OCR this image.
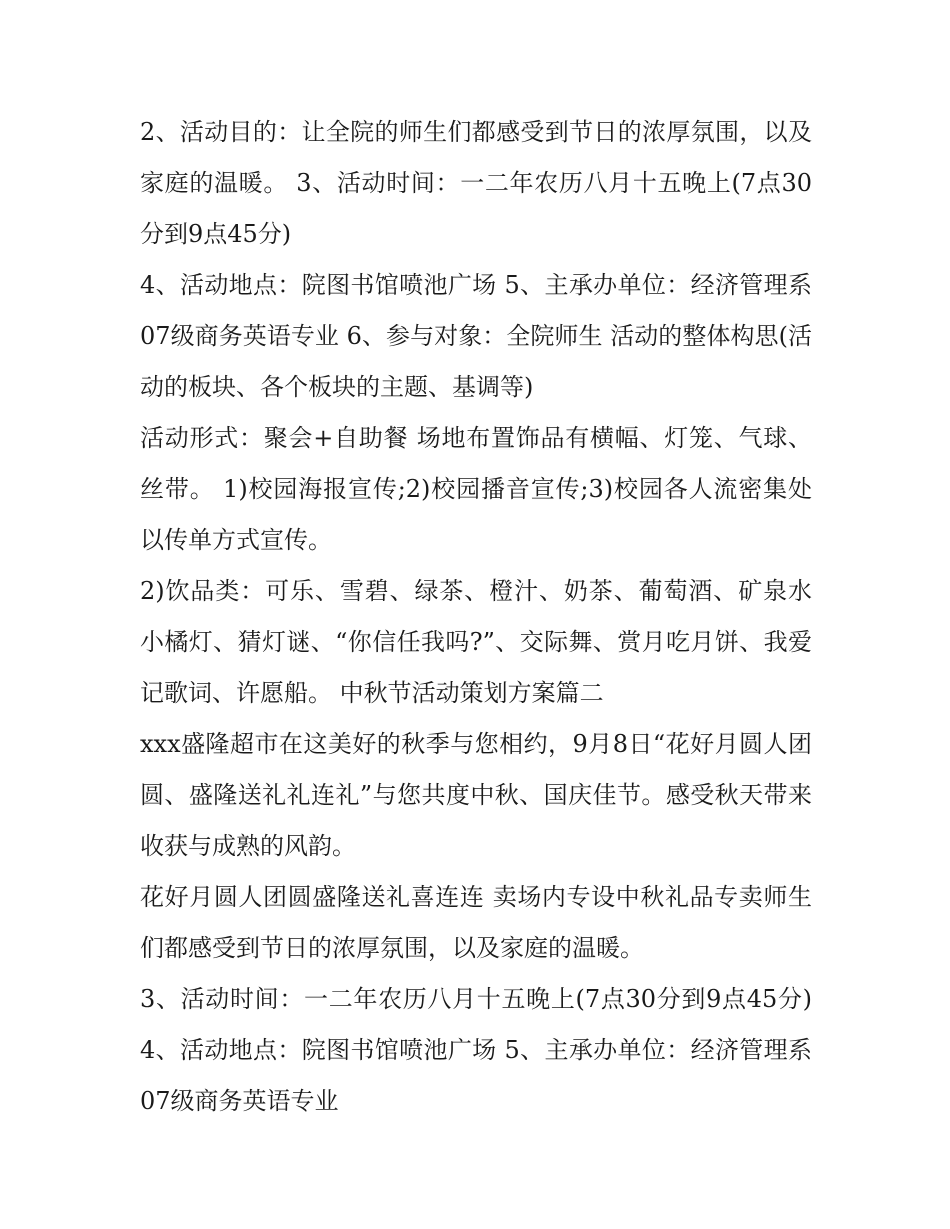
2、活动目的：让全院的师生们都感受到节日的浓厚氛围，以及家庭的温暖。 3、活动时间：一二年农历八月十五晚上(7点30分到9点45分)

4、活动地点：院图书馆喷池广场 5、主承办单位：经济管理系07级商务英语专业 6、参与对象：全院师生 活动的整体构思(活动的板块、各个板块的主题、基调等)

活动形式：聚会+自助餐 场地布置饰品有横幅、灯笼、气球、丝带。 1)校园海报宣传;2)校园播音宣传;3)校园各人流密集处以传单方式宣传。

2)饮品类：可乐、雪碧、绿茶、橙汁、奶茶、葡萄酒、矿泉水 小橘灯、猜灯谜、“你信任我吗?”、交际舞、赏月吃月饼、我爱记歌词、许愿船。 中秋节活动策划方案篇二

xxx盛隆超市在这美好的秋季与您相约，9月8日“花好月圆人团圆、盛隆送礼礼连礼”与您共度中秋、国庆佳节。感受秋天带来收获与成熟的风韵。

花好月圆人团圆盛隆送礼喜连连 卖场内专设中秋礼品专卖师生们都感受到节日的浓厚氛围，以及家庭的温暖。

3、活动时间：一二年农历八月十五晚上(7点30分到9点45分) 4、活动地点：院图书馆喷池广场 5、主承办单位：经济管理系07级商务英语专业
